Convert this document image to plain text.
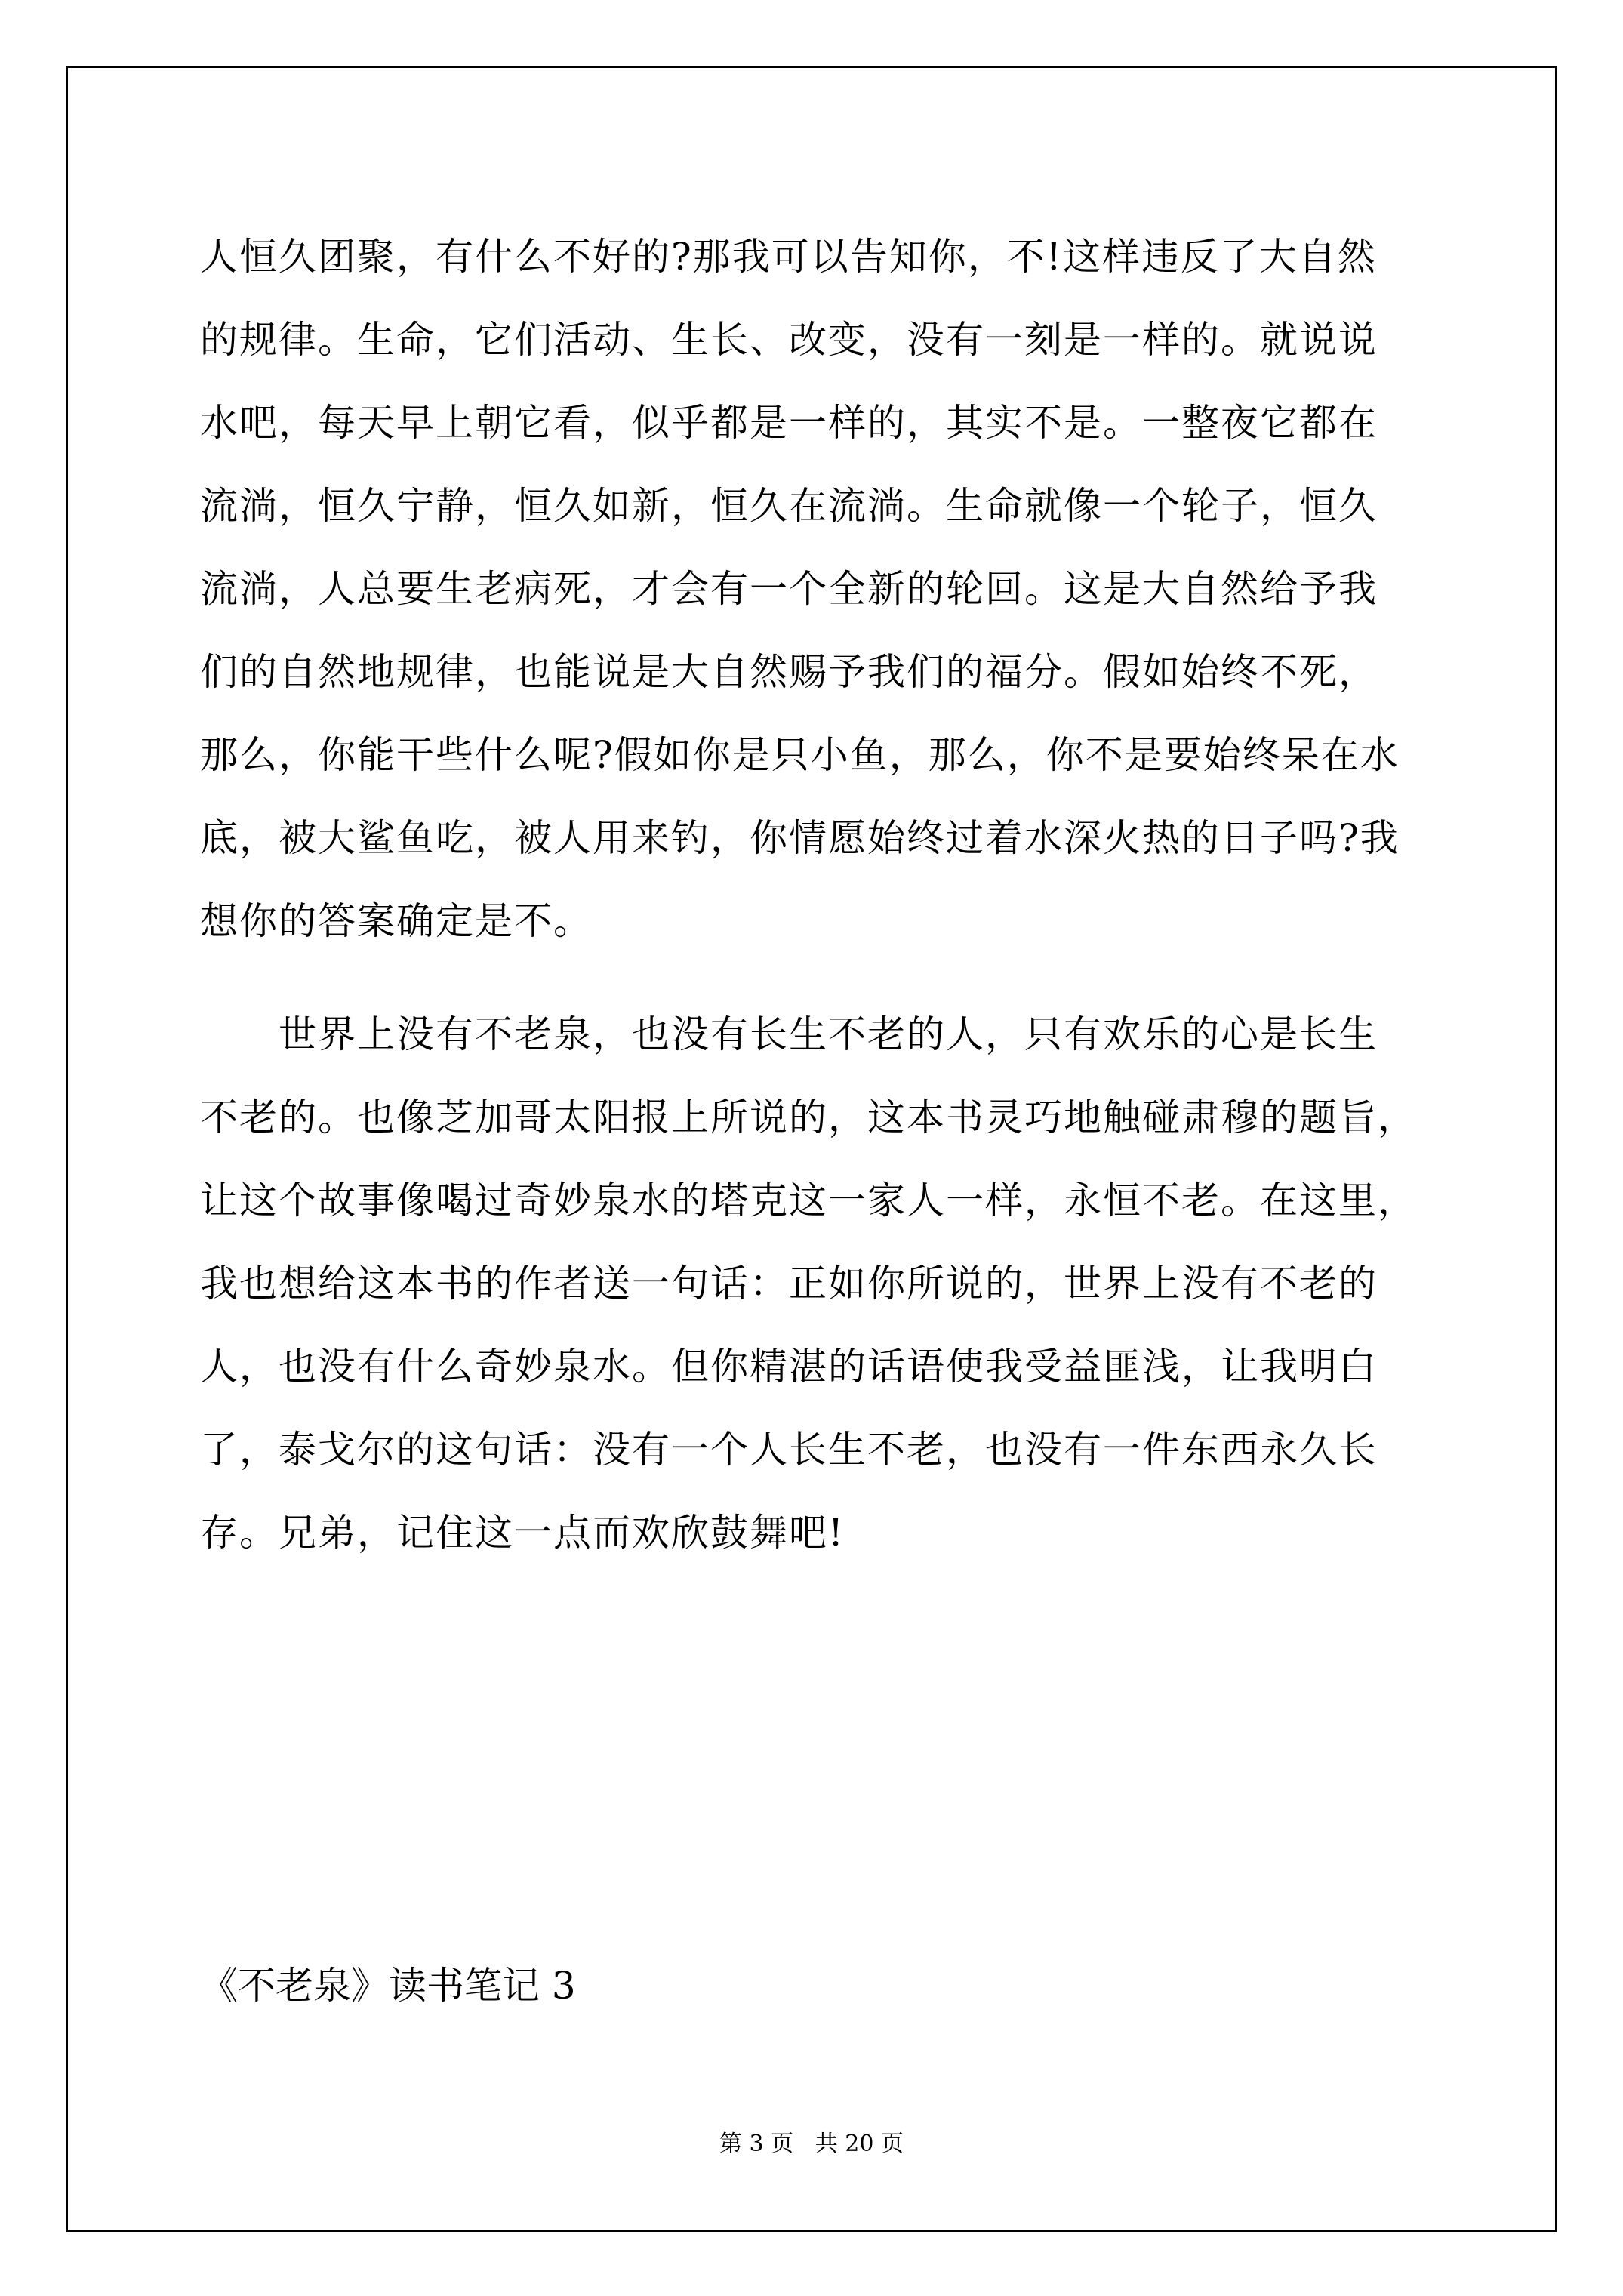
人恒久团聚，有什么不好的?那我可以告知你，不!这样违反了大自然
的规律。生命，它们活动、生长、改变，没有一刻是一样的。就说说
水吧，每天早上朝它看，似乎都是一样的，其实不是。一整夜它都在
流淌，恒久宁静，恒久如新，恒久在流淌。生命就像一个轮子，恒久
流淌，人总要生老病死，才会有一个全新的轮回。这是大自然给予我
们的自然地规律，也能说是大自然赐予我们的福分。假如始终不死，
那么，你能干些什么呢?假如你是只小鱼，那么，你不是要始终呆在水
底，被大鲨鱼吃，被人用来钓，你情愿始终过着水深火热的日子吗?我
想你的答案确定是不。
世界上没有不老泉，也没有长生不老的人，只有欢乐的心是长生
不老的。也像芝加哥太阳报上所说的，这本书灵巧地触碰肃穆的题旨，
让这个故事像喝过奇妙泉水的塔克这一家人一样，永恒不老。在这里，
我也想给这本书的作者送一句话：正如你所说的，世界上没有不老的
人，也没有什么奇妙泉水。但你精湛的话语使我受益匪浅，让我明白
了，泰戈尔的这句话：没有一个人长生不老，也没有一件东西永久长
存。兄弟，记住这一点而欢欣鼓舞吧!
《不老泉》读书笔记 3
第 3 页   共 20 页
